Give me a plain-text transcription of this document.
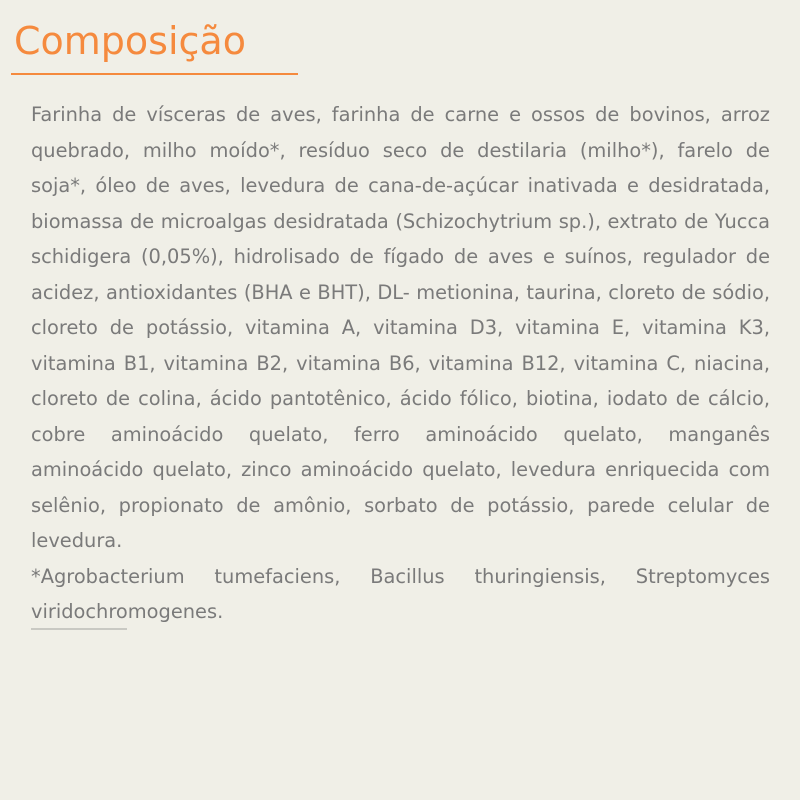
Composição

Farinha de vísceras de aves, farinha de carne e ossos de bovinos, arroz quebrado, milho moído*, resíduo seco de destilaria (milho*), farelo de soja*, óleo de aves, levedura de cana-de-açúcar inativada e desidratada, biomassa de microalgas desidratada (Schizochytrium sp.), extrato de Yucca schidigera (0,05%), hidrolisado de fígado de aves e suínos, regulador de acidez, antioxidantes (BHA e BHT), DL- metionina, taurina, cloreto de sódio, cloreto de potássio, vitamina A, vitamina D3, vitamina E, vitamina K3, vitamina B1, vitamina B2, vitamina B6, vitamina B12, vitamina C, niacina, cloreto de colina, ácido pantotênico, ácido fólico, biotina, iodato de cálcio, cobre aminoácido quelato, ferro aminoácido quelato, manganês aminoácido quelato, zinco aminoácido quelato, levedura enriquecida com selênio, propionato de amônio, sorbato de potássio, parede celular de levedura.

*Agrobacterium tumefaciens, Bacillus thuringiensis, Streptomyces viridochromogenes.
